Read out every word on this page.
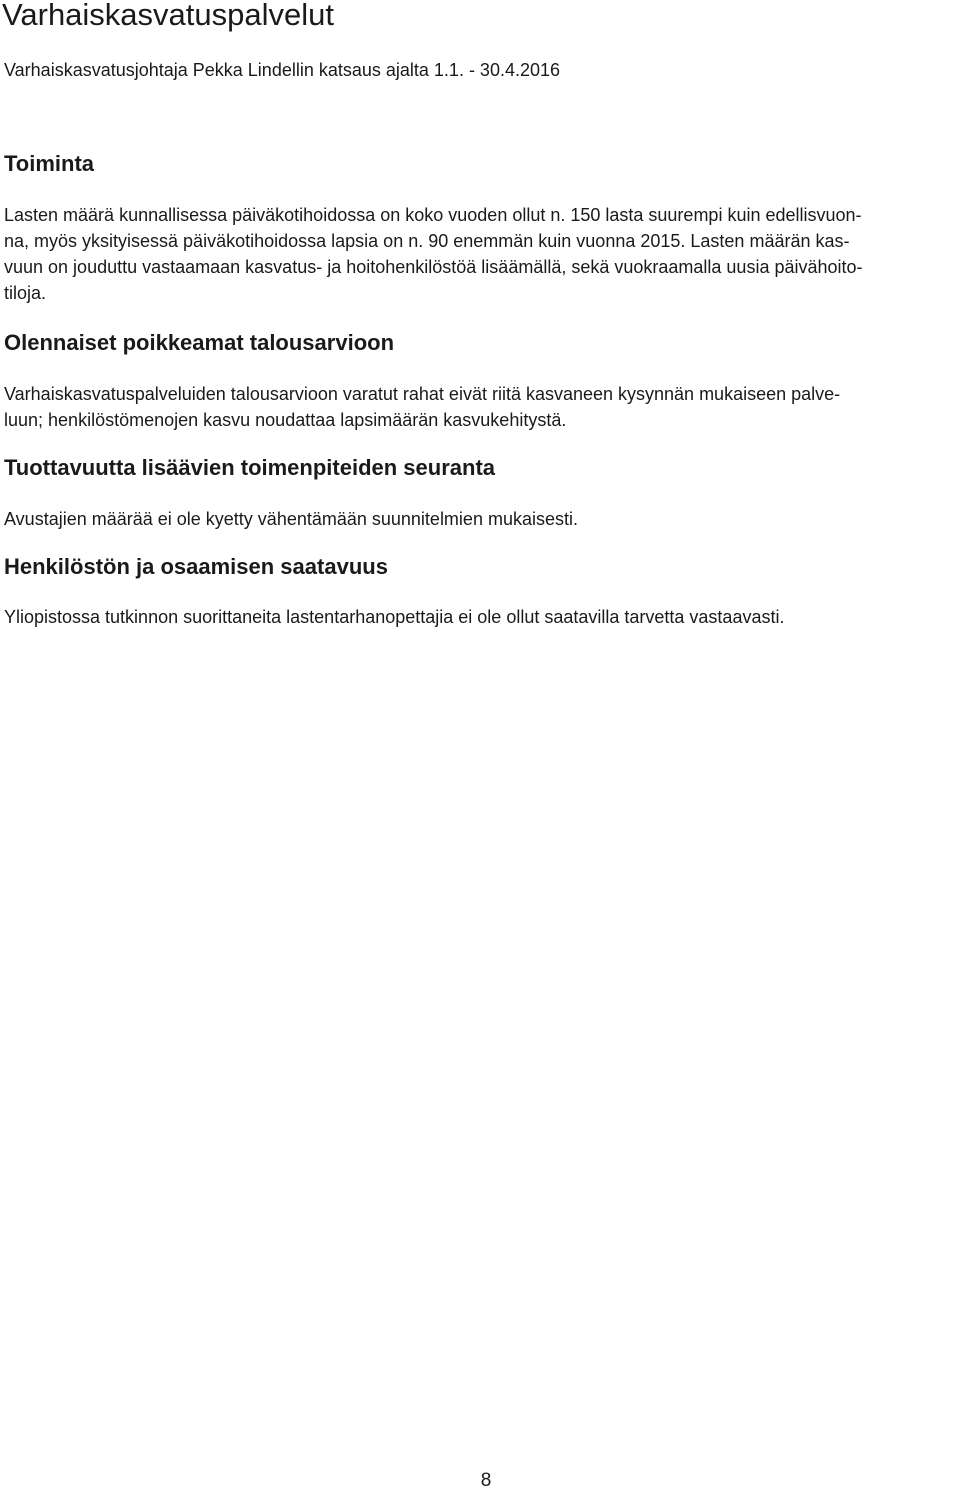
Varhaiskasvatuspalvelut

Varhaiskasvatusjohtaja Pekka Lindellin katsaus ajalta 1.1. - 30.4.2016

Toiminta

Lasten määrä kunnallisessa päiväkotihoidossa on koko vuoden ollut n. 150 lasta suurempi kuin edellisvuon-
na, myös yksityisessä päiväkotihoidossa lapsia on n. 90 enemmän kuin vuonna 2015. Lasten määrän kas-
vuun on jouduttu vastaamaan kasvatus- ja hoitohenkilöstöä lisäämällä, sekä vuokraamalla uusia päivähoito-
tiloja.

Olennaiset poikkeamat talousarvioon

Varhaiskasvatuspalveluiden talousarvioon varatut rahat eivät riitä kasvaneen kysynnän mukaiseen palve-
luun; henkilöstömenojen kasvu noudattaa lapsimäärän kasvukehitystä.

Tuottavuutta lisäävien toimenpiteiden seuranta

Avustajien määrää ei ole kyetty vähentämään suunnitelmien mukaisesti.

Henkilöstön ja osaamisen saatavuus

Yliopistossa tutkinnon suorittaneita lastentarhanopettajia ei ole ollut saatavilla tarvetta vastaavasti.

8
